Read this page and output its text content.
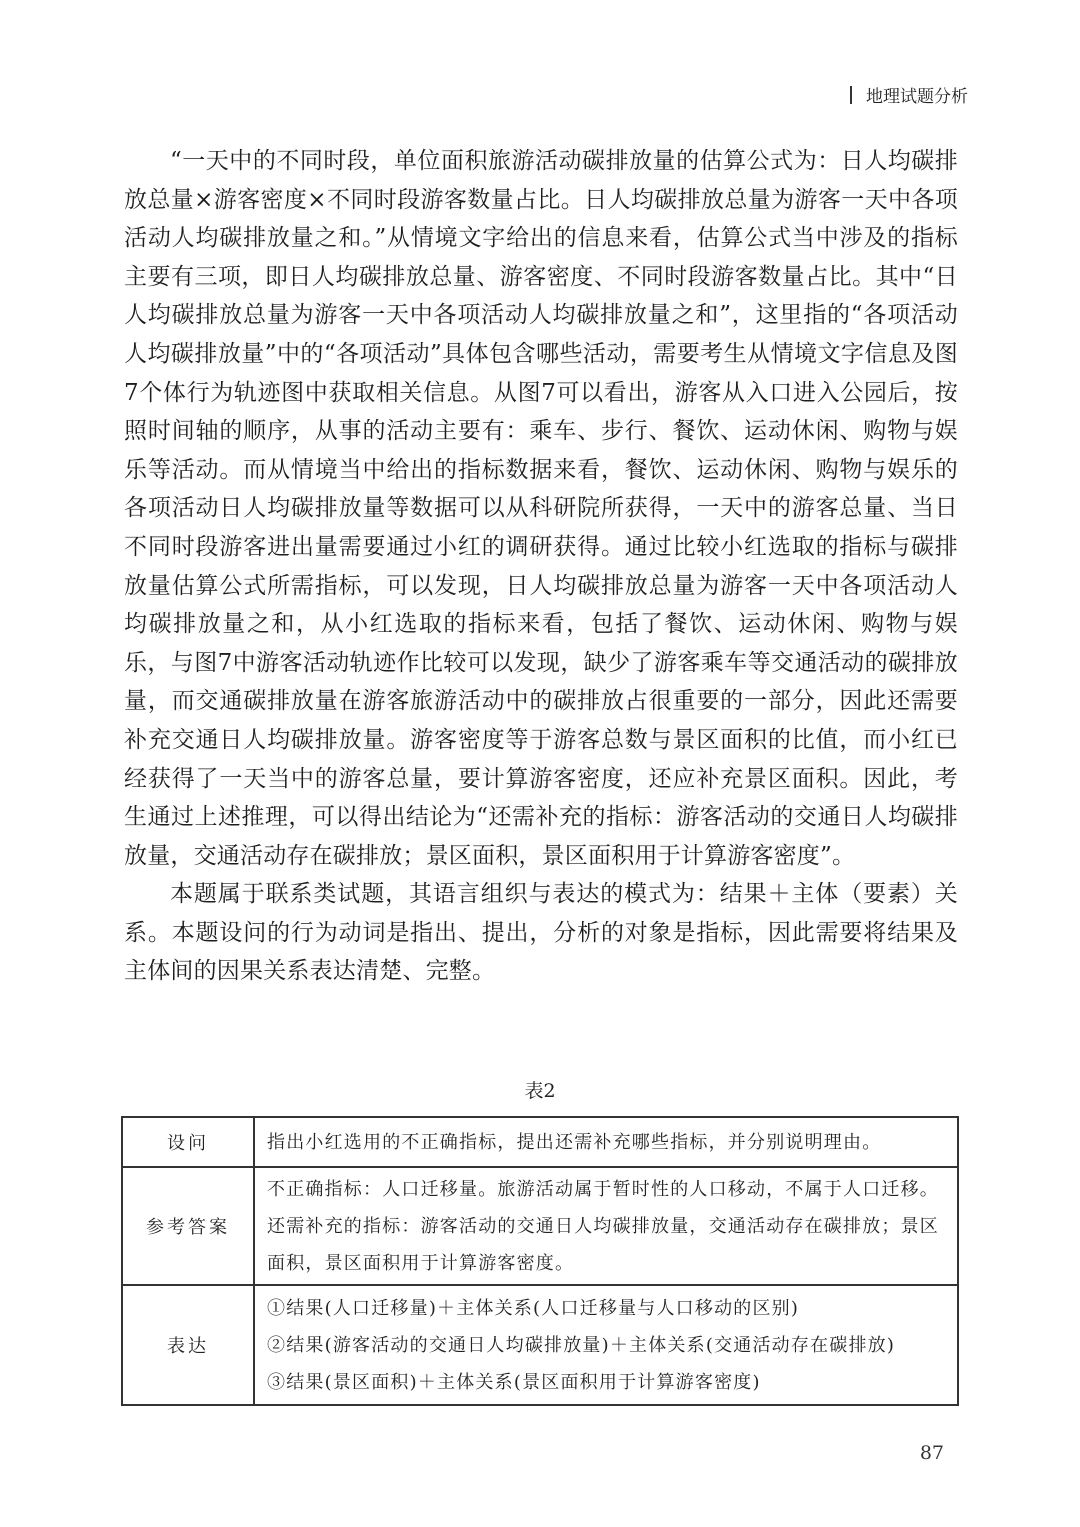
地理试题分析

“一天中的不同时段，单位面积旅游活动碳排放量的估算公式为：日人均碳排放总量×游客密度×不同时段游客数量占比。日人均碳排放总量为游客一天中各项活动人均碳排放量之和。”从情境文字给出的信息来看，估算公式当中涉及的指标主要有三项，即日人均碳排放总量、游客密度、不同时段游客数量占比。其中“日人均碳排放总量为游客一天中各项活动人均碳排放量之和”，这里指的“各项活动人均碳排放量”中的“各项活动”具体包含哪些活动，需要考生从情境文字信息及图7个体行为轨迹图中获取相关信息。从图7可以看出，游客从入口进入公园后，按照时间轴的顺序，从事的活动主要有：乘车、步行、餐饮、运动休闲、购物与娱乐等活动。而从情境当中给出的指标数据来看，餐饮、运动休闲、购物与娱乐的各项活动日人均碳排放量等数据可以从科研院所获得，一天中的游客总量、当日不同时段游客进出量需要通过小红的调研获得。通过比较小红选取的指标与碳排放量估算公式所需指标，可以发现，日人均碳排放总量为游客一天中各项活动人均碳排放量之和，从小红选取的指标来看，包括了餐饮、运动休闲、购物与娱乐，与图7中游客活动轨迹作比较可以发现，缺少了游客乘车等交通活动的碳排放量，而交通碳排放量在游客旅游活动中的碳排放占很重要的一部分，因此还需要补充交通日人均碳排放量。游客密度等于游客总数与景区面积的比值，而小红已经获得了一天当中的游客总量，要计算游客密度，还应补充景区面积。因此，考生通过上述推理，可以得出结论为“还需补充的指标：游客活动的交通日人均碳排放量，交通活动存在碳排放；景区面积，景区面积用于计算游客密度”。

本题属于联系类试题，其语言组织与表达的模式为：结果＋主体（要素）关系。本题设问的行为动词是指出、提出，分析的对象是指标，因此需要将结果及主体间的因果关系表达清楚、完整。

表2
设问	指出小红选用的不正确指标，提出还需补充哪些指标，并分别说明理由。
参考答案	不正确指标：人口迁移量。旅游活动属于暂时性的人口移动，不属于人口迁移。还需补充的指标：游客活动的交通日人均碳排放量，交通活动存在碳排放；景区面积，景区面积用于计算游客密度。
表达	①结果(人口迁移量)＋主体关系(人口迁移量与人口移动的区别)
②结果(游客活动的交通日人均碳排放量)＋主体关系(交通活动存在碳排放)
③结果(景区面积)＋主体关系(景区面积用于计算游客密度)
87
